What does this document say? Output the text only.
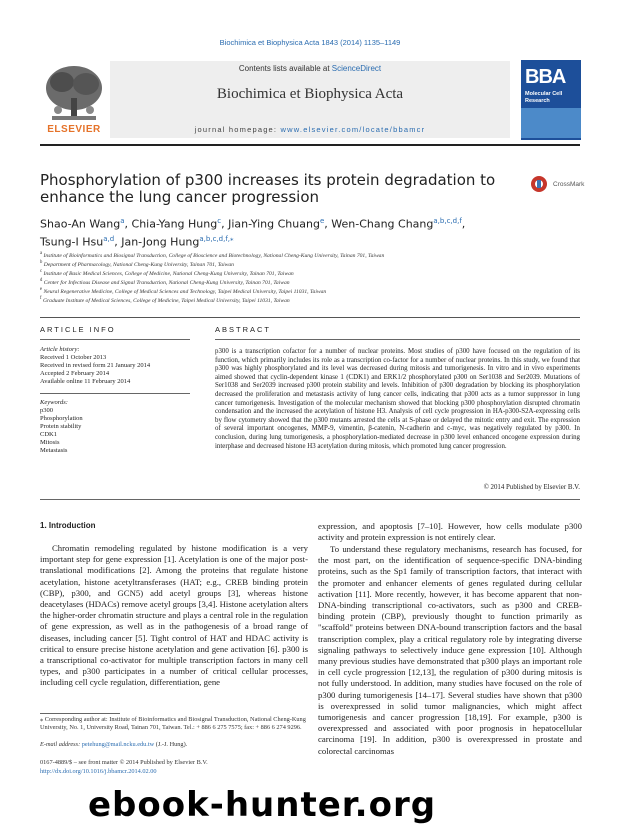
Biochimica et Biophysica Acta 1843 (2014) 1135–1149
Contents lists available at ScienceDirect
Biochimica et Biophysica Acta
journal homepage: www.elsevier.com/locate/bbamcr
ELSEVIER
BBA
Molecular Cell Research
Phosphorylation of p300 increases its protein degradation to enhance the lung cancer progression
CrossMark
Shao-An Wang$^a$, Chia-Yang Hung$^c$, Jian-Ying Chuang$^e$, Wen-Chang Chang$^{a,b,c,d,f}$,
Tsung-I Hsu$^{a,d}$, Jan-Jong Hung$^{a,b,c,d,f,⁎}$
$^a$ Institute of Bioinformatics and Biosignal Transduction, College of Bioscience and Biotechnology, National Cheng-Kung University, Tainan 701, Taiwan
$^b$ Department of Pharmacology, National Cheng-Kung University, Tainan 701, Taiwan
$^c$ Institute of Basic Medical Sciences, College of Medicine, National Cheng-Kung University, Tainan 701, Taiwan
$^d$ Center for Infectious Disease and Signal Transduction, National Cheng-Kung University, Tainan 701, Taiwan
$^e$ Neural Regenerative Medicine, College of Medical Sciences and Technology, Taipei Medical University, Taipei 11031, Taiwan
$^f$ Graduate Institute of Medical Sciences, College of Medicine, Taipei Medical University, Taipei 11031, Taiwan
ARTICLE INFO
Article history:
Received 1 October 2013
Received in revised form 21 January 2014
Accepted 2 February 2014
Available online 11 February 2014
Keywords:
p300
Phosphorylation
Protein stability
CDK1
Mitosis
Metastasis
ABSTRACT
p300 is a transcription cofactor for a number of nuclear proteins. Most studies of p300 have focused on the regulation of its function, which primarily includes its role as a transcription co-factor for a number of nuclear proteins. In this study, we found that p300 was highly phosphorylated and its level was decreased during mitosis and tumorigenesis. In vitro and in vivo experiments aimed showed that cyclin-dependent kinase 1 (CDK1) and ERK1/2 phosphorylated p300 on Ser1038 and Ser2039. Mutations of Ser1038 and Ser2039 increased p300 protein stability and levels. Inhibition of p300 degradation by blocking its phosphorylation decreased the proliferation and metastasis activity of lung cancer cells, indicating that p300 acts as a tumor suppressor in lung cancer tumorigenesis. Investigation of the molecular mechanism showed that blocking p300 phosphorylation disrupted chromatin condensation and the increased the acetylation of histone H3. Analysis of cell cycle progression in HA-p300-S2A-expressing cells by flow cytometry showed that the p300 mutants arrested the cells at S-phase or delayed the mitotic entry and exit. The expression of several important oncogenes, MMP-9, vimentin, β-catenin, N-cadherin and c-myc, was negatively regulated by p300. In conclusion, during lung tumorigenesis, a phosphorylation-mediated decrease in p300 level enhanced oncogene expression during interphase and decreased histone H3 acetylation during mitosis, which promoted lung cancer progression.
© 2014 Published by Elsevier B.V.
1. Introduction
Chromatin remodeling regulated by histone modification is a very important step for gene expression [1]. Acetylation is one of the major post-translational modifications [2]. Among the proteins that regulate histone acetylation, histone acetyltransferases (HAT; e.g., CREB binding protein (CBP), p300, and GCN5) add acetyl groups [3], whereas histone deacetylases (HDACs) remove acetyl groups [3,4]. Histone acetylation alters the higher-order chromatin structure and plays a central role in the regulation of gene expression, as well as in the pathogenesis of a broad range of diseases, including cancer [5]. Tight control of HAT and HDAC activity is critical to ensure precise histone acetylation and gene activation [6]. p300 is a transcriptional co-activator for multiple transcription factors in many cell types, and p300 participates in a number of critical cellular processes, including cell cycle regulation, differentiation, gene
expression, and apoptosis [7–10]. However, how cells modulate p300 activity and protein expression is not entirely clear.
To understand these regulatory mechanisms, research has focused, for the most part, on the identification of sequence-specific DNA-binding proteins, such as the Sp1 family of transcription factors, that interact with the promoter and enhancer elements of genes regulated during cellular activation [11]. More recently, however, it has become apparent that non-DNA-binding transcriptional co-activators, such as p300 and CREB-binding protein (CBP), previously thought to function primarily as "scaffold" proteins between DNA-bound transcription factors and the basal transcription complex, play a critical regulatory role by integrating diverse signaling pathways to selectively induce gene expression [10]. Although many previous studies have demonstrated that p300 plays an important role in cell cycle progression [12,13], the regulation of p300 during mitosis is not fully understood. In addition, many studies have focused on the role of p300 during tumorigenesis [14–17]. Several studies have shown that p300 is overexpressed in solid tumor malignancies, which might affect tumorigenesis and cancer progression [18,19]. For example, p300 is overexpressed and associated with poor prognosis in hepatocellular carcinoma [19]. In addition, p300 is overexpressed in prostate and colorectal carcinomas
⁎ Corresponding author at: Institute of Bioinformatics and Biosignal Transduction, National Cheng-Kung University, No. 1, University Road, Tainan 701, Taiwan. Tel.: + 886 6 275 7575; fax: + 886 6 274 9296.
E-mail address: petehung@mail.ncku.edu.tw (J.-J. Hung).
0167-4889/$ – see front matter © 2014 Published by Elsevier B.V.
http://dx.doi.org/10.1016/j.bbamcr.2014.02.00
ebook-hunter.org
